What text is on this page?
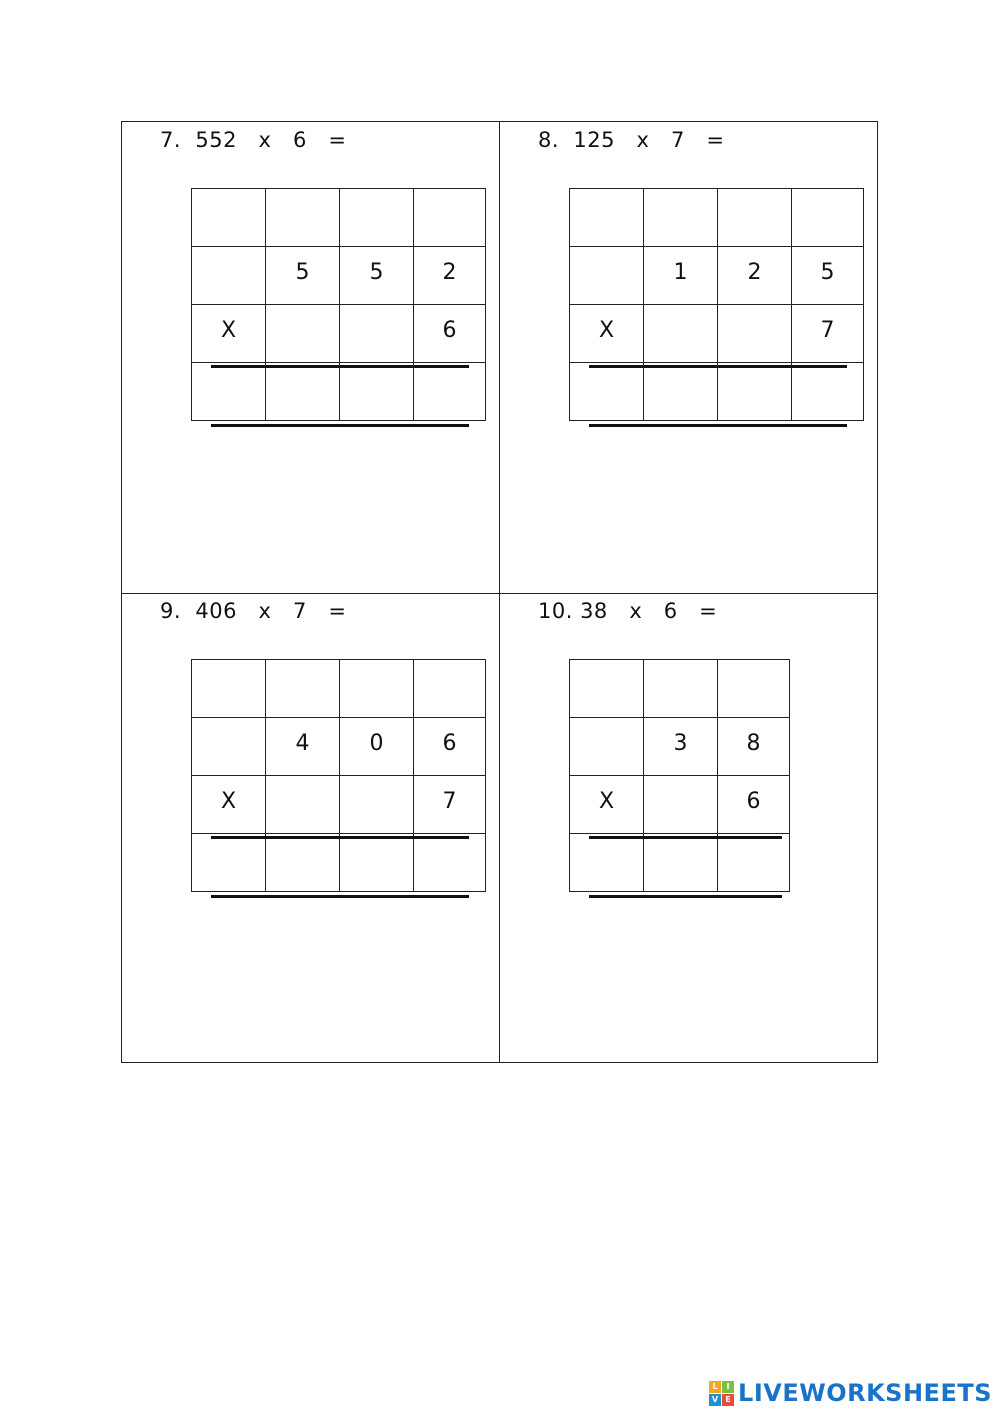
7.  552   x   6   =

	5	5	2
X			6

8.  125   x   7   =

	1	2	5
X			7

9.  406   x   7   =

	4	0	6
X			7

10. 38   x   6   =

	3	8
X		6

L	I
V E LIVEWORKSHEETS
